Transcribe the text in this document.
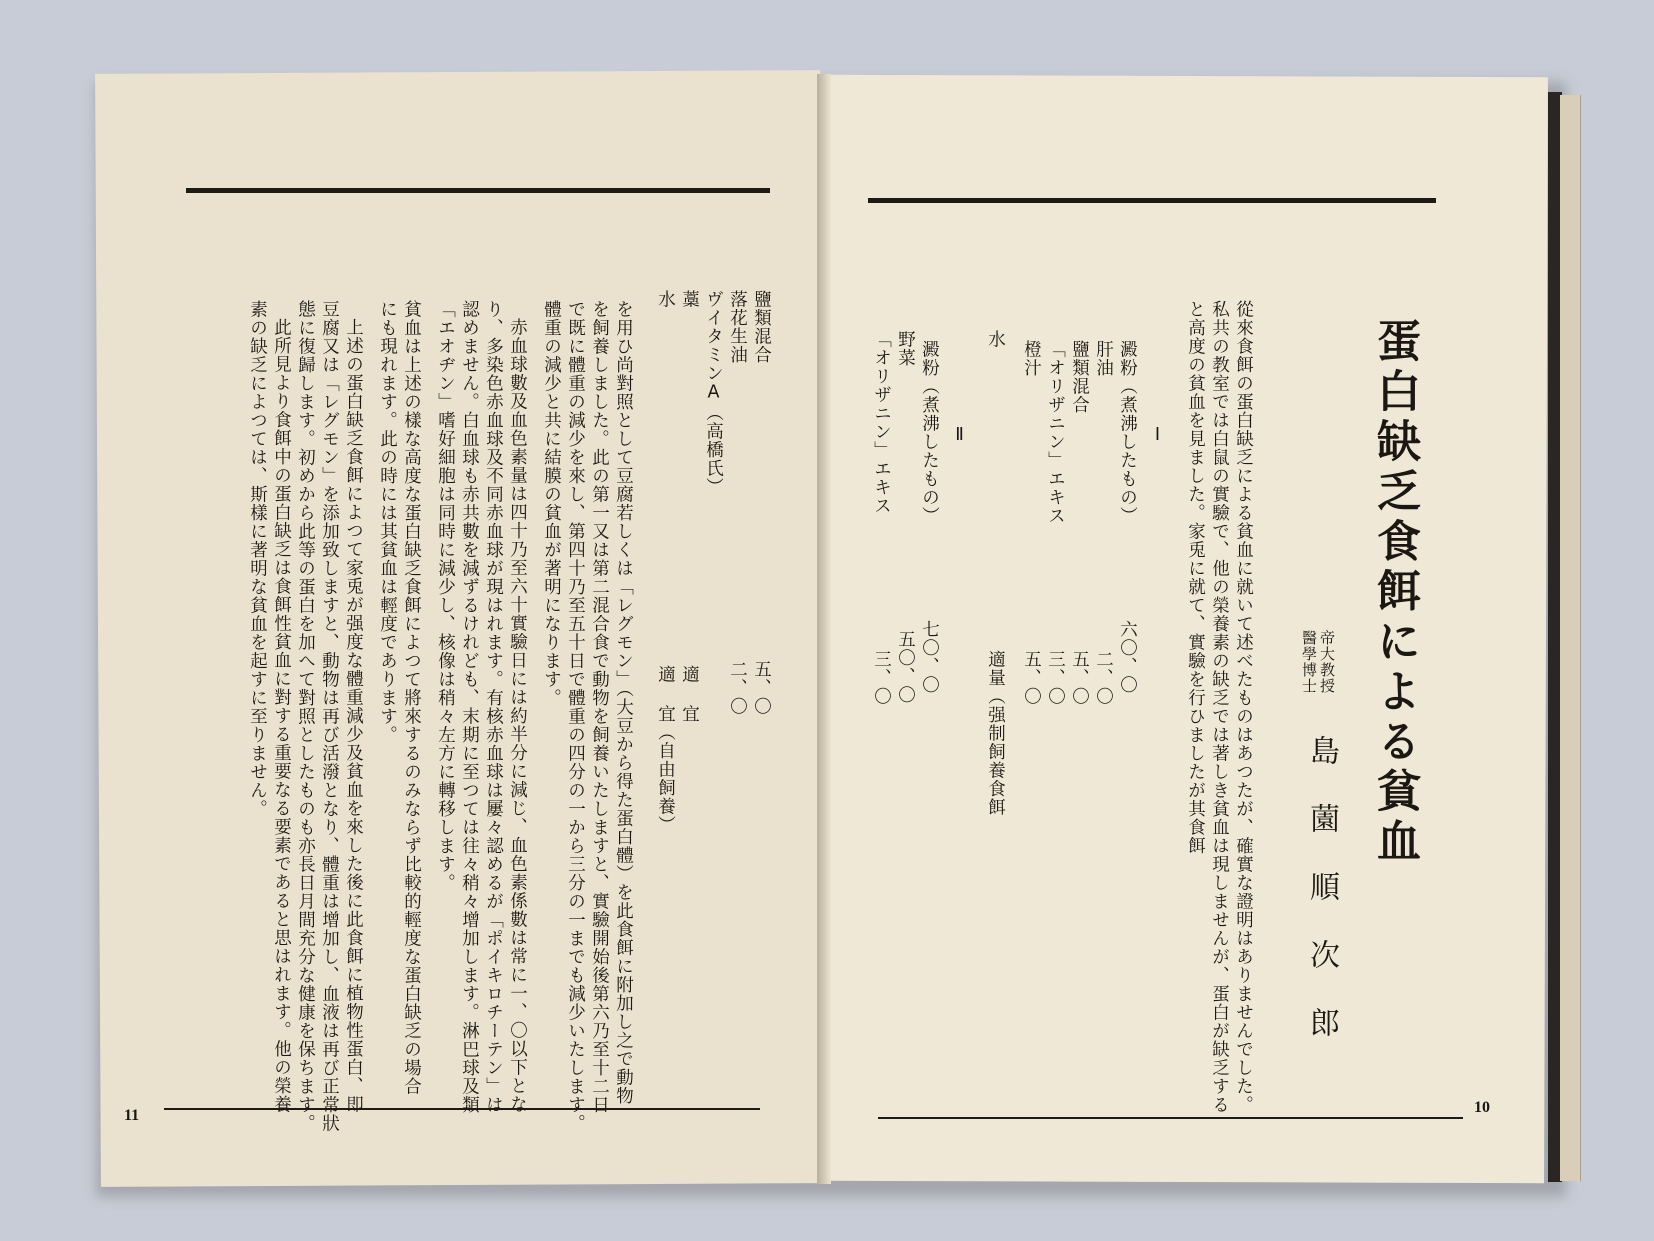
10
蛋白缺乏食餌による貧血
帝大教授
醫學博士
島薗順次郎
從來食餌の蛋白缺乏による貧血に就いて述べたものはあつたが、確實な證明はありませんでした。
私共の教室では白鼠の實驗で、他の榮養素の缺乏では著しき貧血は現しませんが、蛋白が缺乏する
と高度の貧血を見ました。家兎に就て、實驗を行ひましたが其食餌
Ⅰ
澱粉（煮沸したもの）
六〇、〇
肝油
二、〇
鹽類混合
五、〇
「オリザニン」エキス
三、〇
橙汁
五、〇
水
適量（强制飼養食餌
Ⅱ
澱粉（煮沸したもの）
七〇、〇
野菜
五〇、〇
「オリザニン」エキス
三、〇
11
鹽類混合
五、〇
落花生油
二、〇
ヴイタミンA（高橋氏）
適 宜
藁
水
適 宜（自由飼養）
を用ひ尚對照として豆腐若しくは「レグモン」（大豆から得た蛋白體）を此食餌に附加し之で動物
を飼養しました。此の第一又は第二混合食で動物を飼養いたしますと、實驗開始後第六乃至十二日
で既に體重の減少を來し、第四十乃至五十日で體重の四分の一から三分の一までも減少いたします。
體重の減少と共に結膜の貧血が著明になります。
赤血球數及血色素量は四十乃至六十實驗日には約半分に減じ、血色素係數は常に一、〇以下とな
り、多染色赤血球及不同赤血球が現はれます。有核赤血球は屢々認めるが「ポイキロチーテン」は
認めません。白血球も赤共數を減ずるけれども、末期に至つては往々稍々增加します。淋巴球及類
「エオヂン」嗜好細胞は同時に減少し、核像は稍々左方に轉移します。
貧血は上述の樣な高度な蛋白缺乏食餌によつて將來するのみならず比較的輕度な蛋白缺乏の場合
にも現れます。此の時には其貧血は輕度であります。
上述の蛋白缺乏食餌によつて家兎が强度な體重減少及貧血を來した後に此食餌に植物性蛋白、即
豆腐又は「レグモン」を添加致しますと、動物は再び活潑となり、體重は增加し、血液は再び正常狀
態に復歸します。初めから此等の蛋白を加へて對照としたものも亦長日月間充分な健康を保ちます。
此所見より食餌中の蛋白缺乏は食餌性貧血に對する重要なる要素であると思はれます。他の榮養
素の缺乏によつては、斯樣に著明な貧血を起すに至りません。
